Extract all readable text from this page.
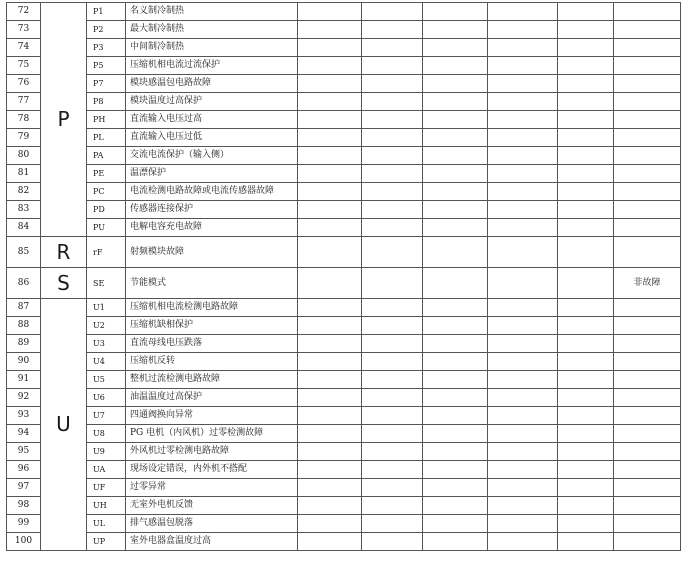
72	P	P1	名义制冷制热						
73		P2	最大制冷制热						
74		P3	中间制冷制热						
75		P5	压缩机相电流过流保护						
76		P7	模块感温包电路故障						
77		P8	模块温度过高保护						
78		PH	直流输入电压过高						
79		PL	直流输入电压过低						
80		PA	交流电流保护（输入侧）						
81		PE	温漂保护						
82		PC	电流检测电路故障或电流传感器故障						
83		PD	传感器连接保护						
84		PU	电解电容充电故障						
85	R	rF	射频模块故障						
86	S	SE	节能模式						非故障
87	U	U1	压缩机相电流检测电路故障						
88		U2	压缩机缺相保护						
89		U3	直流母线电压跌落						
90		U4	压缩机反转						
91		U5	整机过流检测电路故障						
92		U6	油温温度过高保护						
93		U7	四通阀换向异常						
94		U8	PG 电机（内风机）过零检测故障						
95		U9	外风机过零检测电路故障						
96		UA	现场设定错误，内外机不搭配						
97		UF	过零异常						
98		UH	无室外电机反馈						
99		UL	排气感温包脱落						
100		UP	室外电器盒温度过高						
